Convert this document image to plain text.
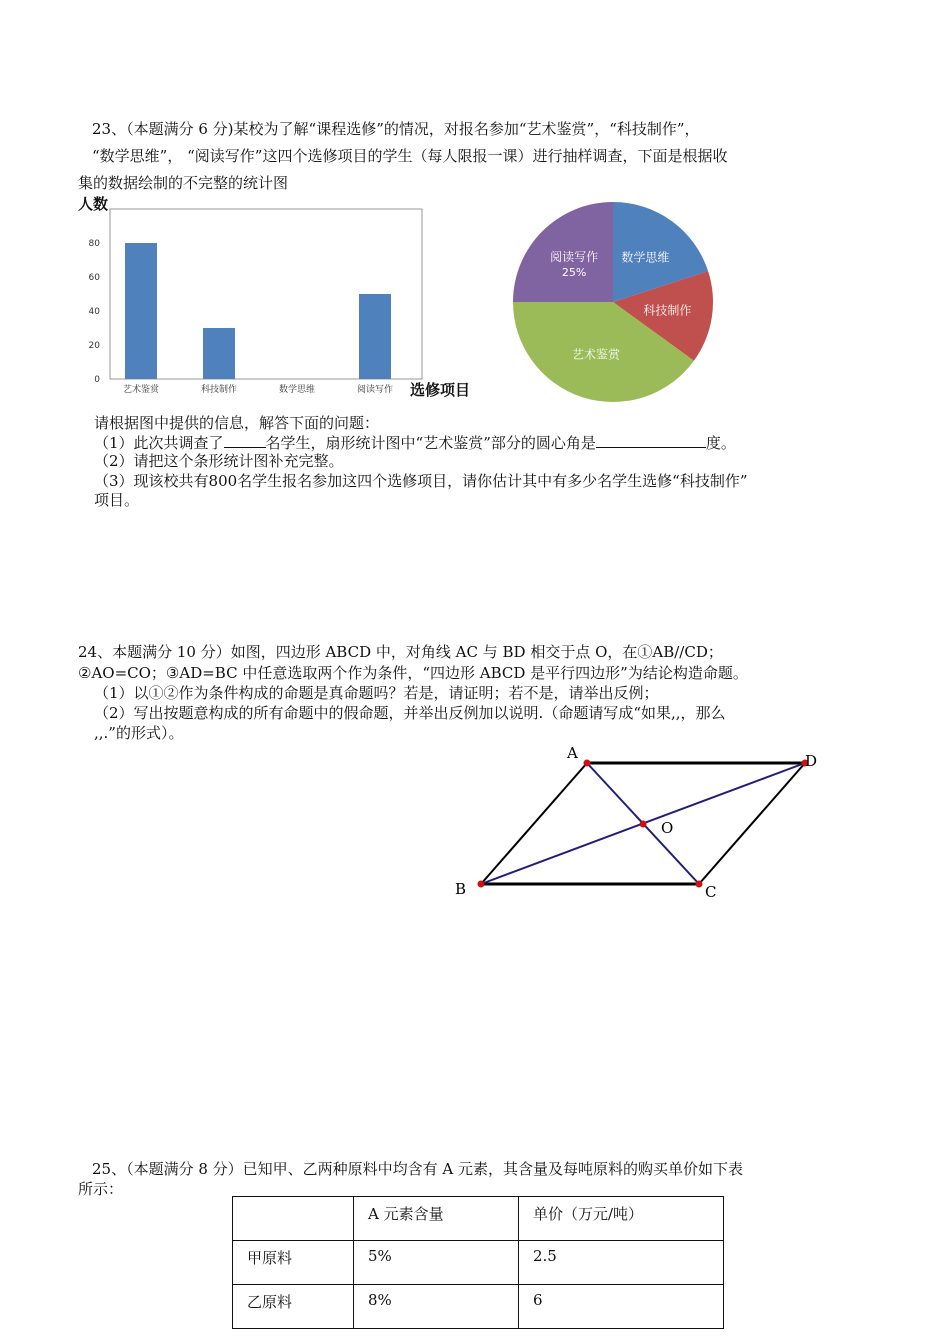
23、（本题满分 6 分)某校为了解“课程选修”的情况，对报名参加“艺术鉴赏”，“科技制作”，
“数学思维”， “阅读写作”这四个选修项目的学生（每人限报一课）进行抽样调查，下面是根据收
集的数据绘制的不完整的统计图
人数
0
20
40
60
80
艺术鉴赏	科技制作	数学思维	阅读写作 选修项目
数学思维
科技制作
艺术鉴赏
阅读写作
25%
请根据图中提供的信息，解答下面的问题：
（1）此次共调查了	名学生，扇形统计图中“艺术鉴赏”部分的圆心角是	度。
（2）请把这个条形统计图补充完整。
（3）现该校共有800名学生报名参加这四个选修项目，请你估计其中有多少名学生选修“科技制作”
项目。
24、本题满分 10 分）如图，四边形 ABCD 中，对角线 AC 与 BD 相交于点 O，在①AB//CD；
②AO=CO；③AD=BC 中任意选取两个作为条件，“四边形 ABCD 是平行四边形”为结论构造命题。
（1）以①②作为条件构成的命题是真命题吗？若是，请证明；若不是，请举出反例；
（2）写出按题意构成的所有命题中的假命题，并举出反例加以说明.（命题请写成“如果,,，那么
,,.”的形式）。
A
B	C
D
O
25、（本题满分 8 分）已知甲、乙两种原料中均含有 A 元素，其含量及每吨原料的购买单价如下表
所示：
	A 元素含量	单价（万元/吨）
甲原料	5%	2.5
乙原料	8%	6
